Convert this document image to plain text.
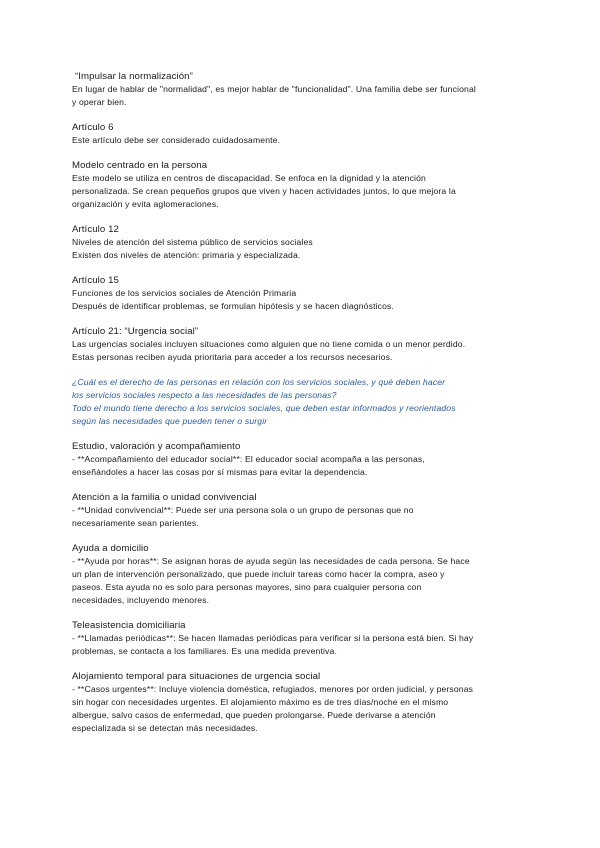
“Impulsar la normalización”

En lugar de hablar de "normalidad", es mejor hablar de "funcionalidad". Una familia debe ser funcional

y operar bien.

Artículo 6

Este artículo debe ser considerado cuidadosamente.

Modelo centrado en la persona

Este modelo se utiliza en centros de discapacidad. Se enfoca en la dignidad y la atención

personalizada. Se crean pequeños grupos que viven y hacen actividades juntos, lo que mejora la

organización y evita aglomeraciones.

Artículo 12

Niveles de atención del sistema público de servicios sociales

Existen dos niveles de atención: primaria y especializada.

Artículo 15

Funciones de los servicios sociales de Atención Primaria

Después de identificar problemas, se formulan hipótesis y se hacen diagnósticos.

Artículo 21: “Urgencia social”

Las urgencias sociales incluyen situaciones como alguien que no tiene comida o un menor perdido.

Estas personas reciben ayuda prioritaria para acceder a los recursos necesarios.

¿Cuál es el derecho de las personas en relación con los servicios sociales, y qué deben hacer

los servicios sociales respecto a las necesidades de las personas?

Todo el mundo tiene derecho a los servicios sociales, que deben estar informados y reorientados

según las necesidades que pueden tener o surgir

Estudio, valoración y acompañamiento

- **Acompañamiento del educador social**: El educador social acompaña a las personas,

enseñándoles a hacer las cosas por sí mismas para evitar la dependencia.

Atención a la familia o unidad convivencial

- **Unidad convivencial**: Puede ser una persona sola o un grupo de personas que no

necesariamente sean parientes.

Ayuda a domicilio

- **Ayuda por horas**: Se asignan horas de ayuda según las necesidades de cada persona. Se hace

un plan de intervención personalizado, que puede incluir tareas como hacer la compra, aseo y

paseos. Esta ayuda no es solo para personas mayores, sino para cualquier persona con

necesidades, incluyendo menores.

Teleasistencia domiciliaria

- **Llamadas periódicas**: Se hacen llamadas periódicas para verificar si la persona está bien. Si hay

problemas, se contacta a los familiares. Es una medida preventiva.

Alojamiento temporal para situaciones de urgencia social

- **Casos urgentes**: Incluye violencia doméstica, refugiados, menores por orden judicial, y personas

sin hogar con necesidades urgentes. El alojamiento máximo es de tres días/noche en el mismo

albergue, salvo casos de enfermedad, que pueden prolongarse. Puede derivarse a atención

especializada si se detectan más necesidades.
